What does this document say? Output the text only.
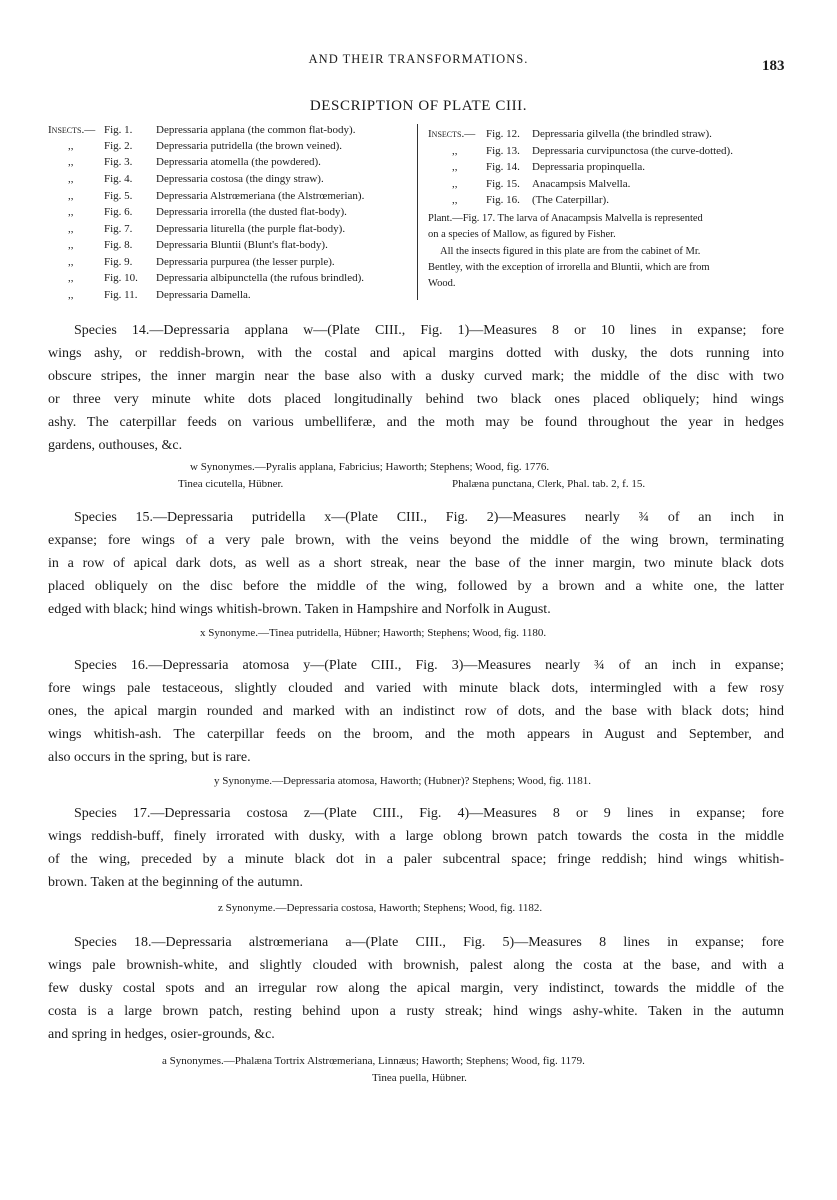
AND THEIR TRANSFORMATIONS.	183
DESCRIPTION OF PLATE CIII.
Insects.— Fig. 1. Depressaria applana (the common flat-body).
,,	Fig. 2. Depressaria putridella (the brown veined).
,,	Fig. 3. Depressaria atomella (the powdered).
,,	Fig. 4. Depressaria costosa (the dingy straw).
,,	Fig. 5. Depressaria Alstrœmeriana (the Alstrœmerian).
,,	Fig. 6. Depressaria irrorella (the dusted flat-body).
,,	Fig. 7. Depressaria liturella (the purple flat-body).
,,	Fig. 8. Depressaria Bluntii (Blunt's flat-body).
,,	Fig. 9. Depressaria purpurea (the lesser purple).
,,	Fig. 10. Depressaria albipunctella (the rufous brindled).
,,	Fig. 11. Depressaria Damella.
Insects.— Fig. 12. Depressaria gilvella (the brindled straw).
,,	Fig. 13. Depressaria curvipunctosa (the curve-dotted).
,,	Fig. 14. Depressaria propinquella.
,,	Fig. 15. Anacampsis Malvella.
,,	Fig. 16. (The Caterpillar).
Plant.—Fig. 17. The larva of Anacampsis Malvella is represented
on a species of Mallow, as figured by Fisher.
All the insects figured in this plate are from the cabinet of Mr.
Bentley, with the exception of irrorella and Bluntii, which are from
Wood.
Species 14.—Depressaria applana w—(Plate CIII., Fig. 1)—Measures 8 or 10 lines in expanse; fore
wings ashy, or reddish-brown, with the costal and apical margins dotted with dusky, the dots running into
obscure stripes, the inner margin near the base also with a dusky curved mark; the middle of the disc with two
or three very minute white dots placed longitudinally behind two black ones placed obliquely; hind wings
ashy. The caterpillar feeds on various umbelliferæ, and the moth may be found throughout the year in hedges
gardens, outhouses, &c.
w Synonymes.—Pyralis applana, Fabricius; Haworth; Stephens; Wood, fig. 1776.
Tinea cicutella, Hübner.	Phalæna punctana, Clerk, Phal. tab. 2, f. 15.
Species 15.—Depressaria putridella x—(Plate CIII., Fig. 2)—Measures nearly ¾ of an inch in
expanse; fore wings of a very pale brown, with the veins beyond the middle of the wing brown, terminating
in a row of apical dark dots, as well as a short streak, near the base of the inner margin, two minute black dots
placed obliquely on the disc before the middle of the wing, followed by a brown and a white one, the latter
edged with black; hind wings whitish-brown. Taken in Hampshire and Norfolk in August.
x Synonyme.—Tinea putridella, Hübner; Haworth; Stephens; Wood, fig. 1180.
Species 16.—Depressaria atomosa y—(Plate CIII., Fig. 3)—Measures nearly ¾ of an inch in expanse;
fore wings pale testaceous, slightly clouded and varied with minute black dots, intermingled with a few rosy
ones, the apical margin rounded and marked with an indistinct row of dots, and the base with black dots; hind
wings whitish-ash. The caterpillar feeds on the broom, and the moth appears in August and September, and
also occurs in the spring, but is rare.
y Synonyme.—Depressaria atomosa, Haworth; (Hubner)? Stephens; Wood, fig. 1181.
Species 17.—Depressaria costosa z—(Plate CIII., Fig. 4)—Measures 8 or 9 lines in expanse; fore
wings reddish-buff, finely irrorated with dusky, with a large oblong brown patch towards the costa in the middle
of the wing, preceded by a minute black dot in a paler subcentral space; fringe reddish; hind wings whitish-
brown. Taken at the beginning of the autumn.
z Synonyme.—Depressaria costosa, Haworth; Stephens; Wood, fig. 1182.
Species 18.—Depressaria alstrœmeriana a—(Plate CIII., Fig. 5)—Measures 8 lines in expanse; fore
wings pale brownish-white, and slightly clouded with brownish, palest along the costa at the base, and with a
few dusky costal spots and an irregular row along the apical margin, very indistinct, towards the middle of the
costa is a large brown patch, resting behind upon a rusty streak; hind wings ashy-white. Taken in the autumn
and spring in hedges, osier-grounds, &c.
a Synonymes.—Phalæna Tortrix Alstrœmeriana, Linnæus; Haworth; Stephens; Wood, fig. 1179.
Tinea puella, Hübner.
